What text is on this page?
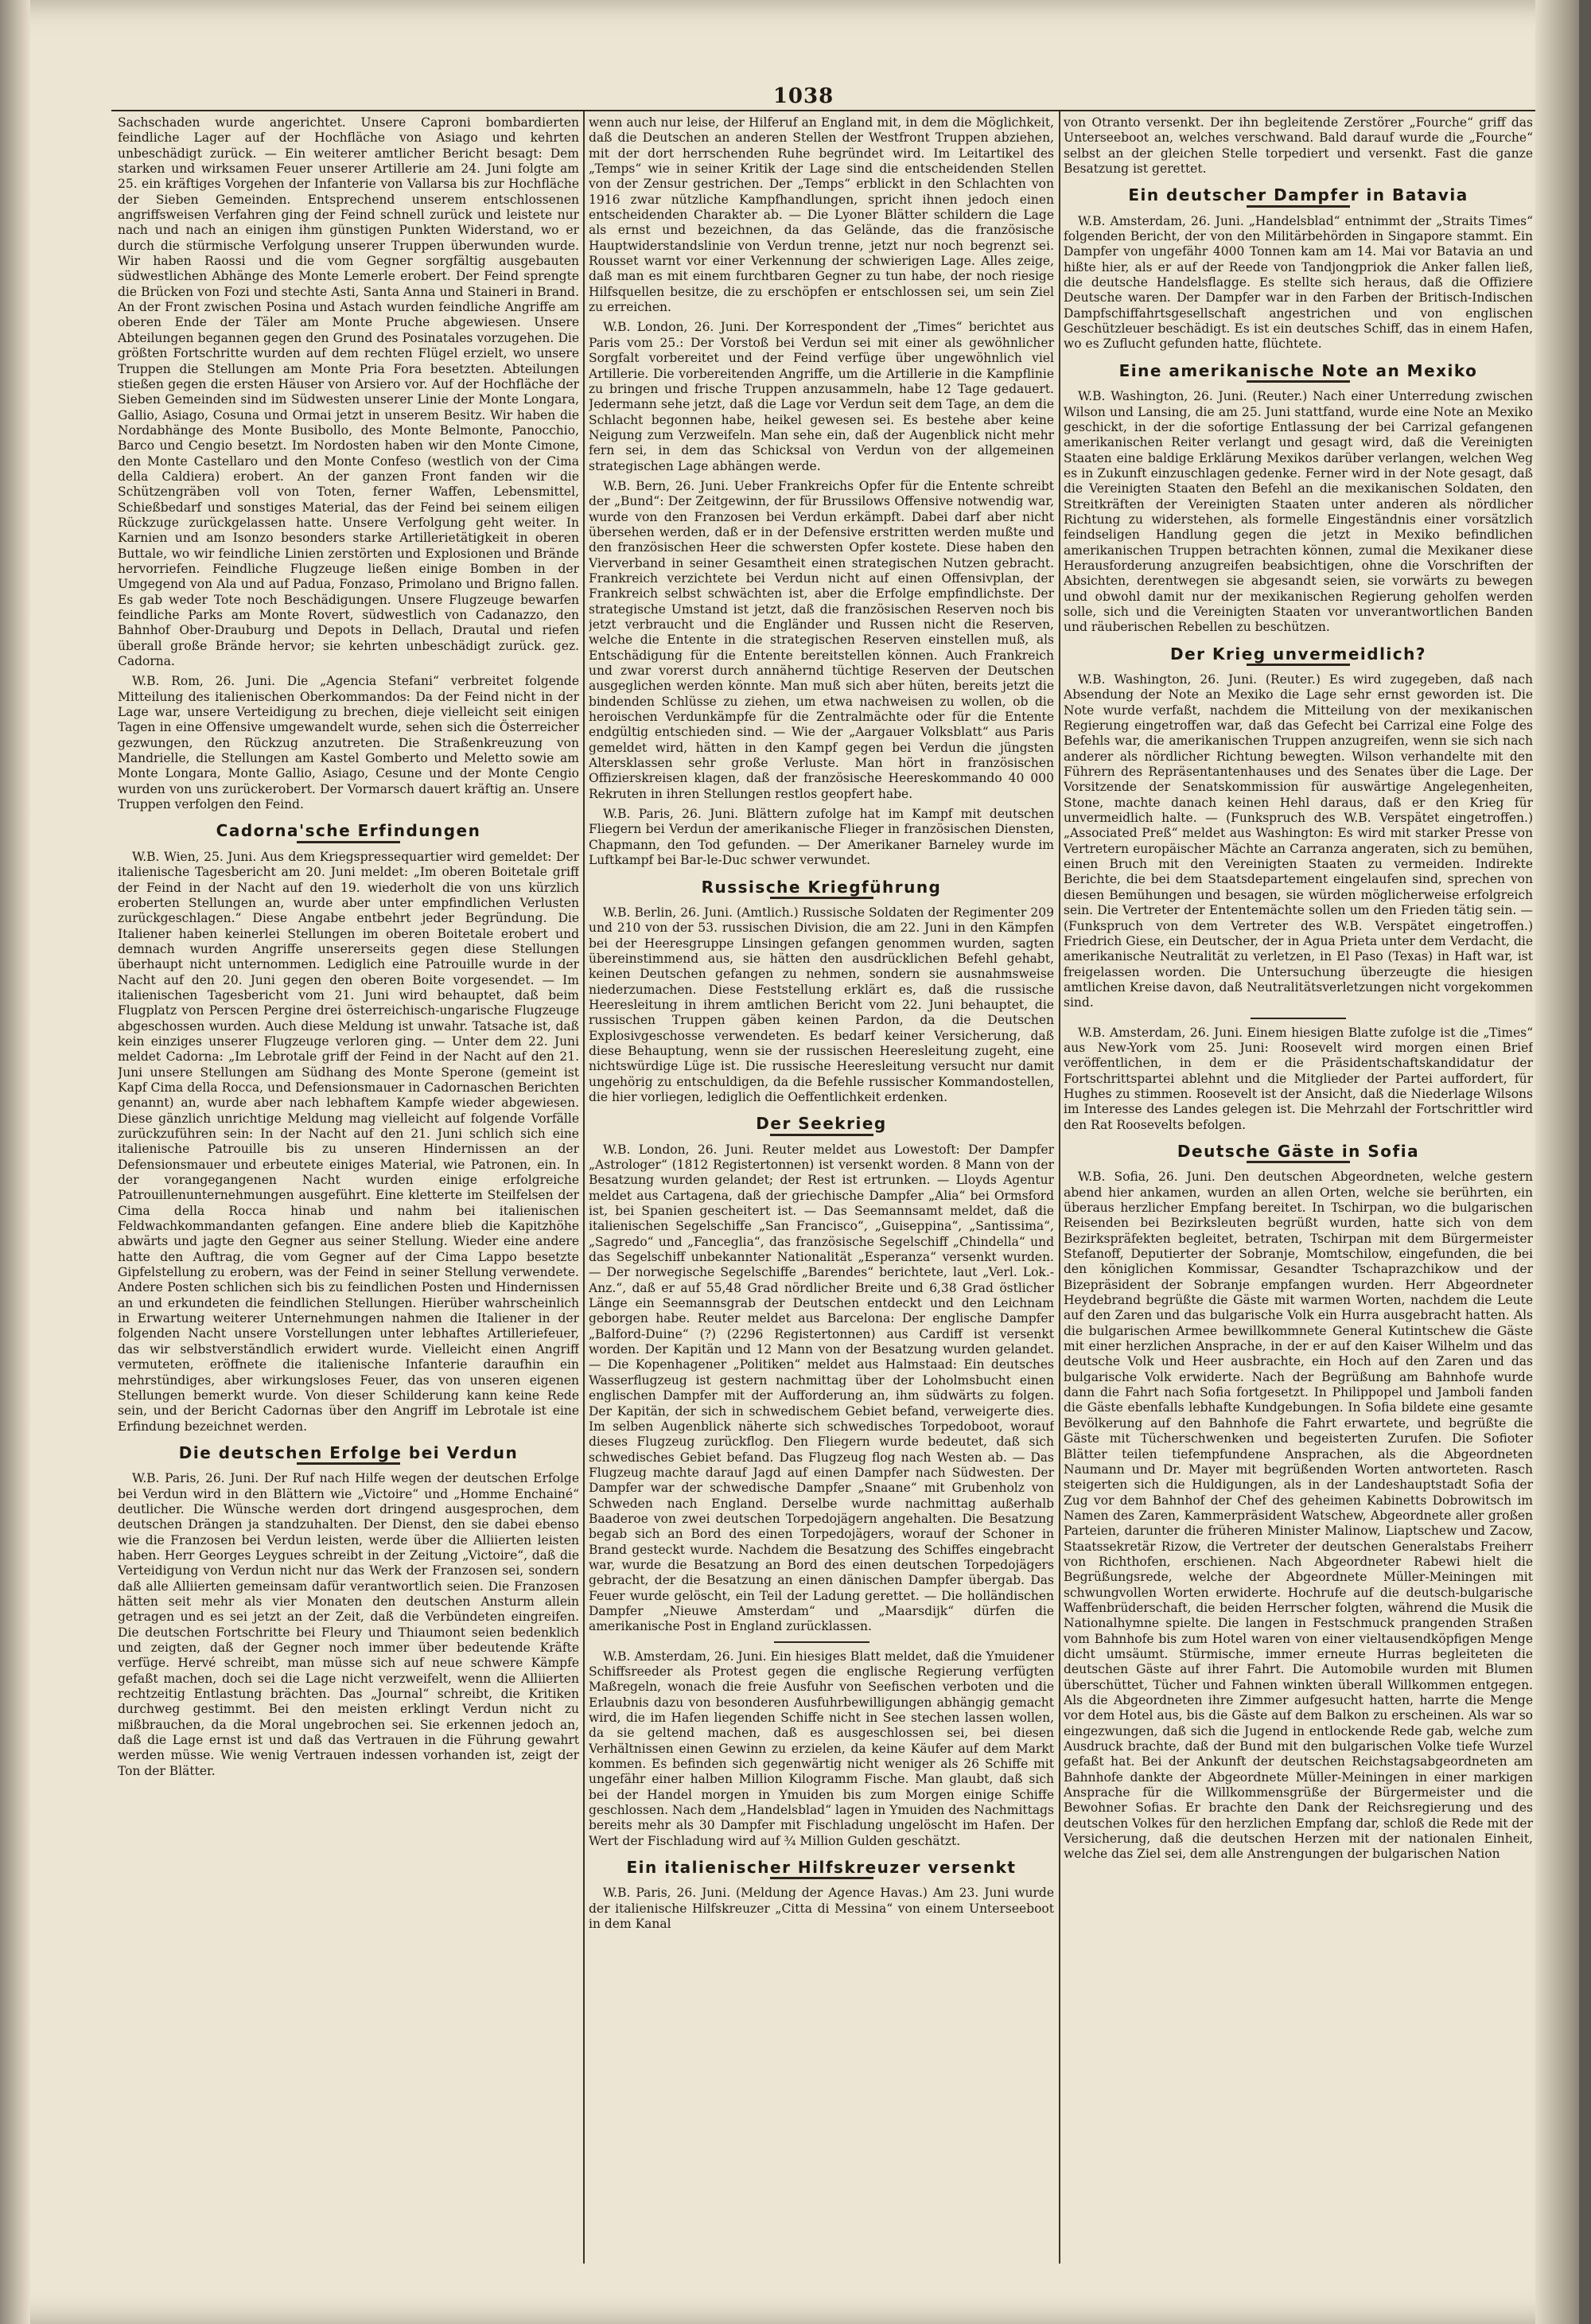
1038

Sachschaden wurde angerichtet. Unsere Caproni bombardierten feindliche Lager auf der Hochfläche von Asiago und kehrten unbeschädigt zurück. — Ein weiterer amtlicher Bericht besagt: Dem starken und wirksamen Feuer unserer Artillerie am 24. Juni folgte am 25. ein kräftiges Vorgehen der Infanterie von Vallarsa bis zur Hochfläche der Sieben Gemeinden. Entsprechend unserem entschlossenen angriffsweisen Verfahren ging der Feind schnell zurück und leistete nur nach und nach an einigen ihm günstigen Punkten Widerstand, wo er durch die stürmische Verfolgung unserer Truppen überwunden wurde. Wir haben Raossi und die vom Gegner sorgfältig ausgebauten südwestlichen Abhänge des Monte Lemerle erobert. Der Feind sprengte die Brücken von Fozi und stechte Asti, Santa Anna und Staineri in Brand. An der Front zwischen Posina und Astach wurden feindliche Angriffe am oberen Ende der Täler am Monte Pruche abgewiesen. Unsere Abteilungen begannen gegen den Grund des Posinatales vorzugehen. Die größten Fortschritte wurden auf dem rechten Flügel erzielt, wo unsere Truppen die Stellungen am Monte Pria Fora besetzten. Abteilungen stießen gegen die ersten Häuser von Arsiero vor. Auf der Hochfläche der Sieben Gemeinden sind im Südwesten unserer Linie der Monte Longara, Gallio, Asiago, Cosuna und Ormai jetzt in unserem Besitz. Wir haben die Nordabhänge des Monte Busibollo, des Monte Belmonte, Panocchio, Barco und Cengio besetzt. Im Nordosten haben wir den Monte Cimone, den Monte Castellaro und den Monte Confeso (westlich von der Cima della Caldiera) erobert. An der ganzen Front fanden wir die Schützengräben voll von Toten, ferner Waffen, Lebensmittel, Schießbedarf und sonstiges Material, das der Feind bei seinem eiligen Rückzuge zurückgelassen hatte. Unsere Verfolgung geht weiter. In Karnien und am Isonzo besonders starke Artillerietätigkeit in oberen Buttale, wo wir feindliche Linien zerstörten und Explosionen und Brände hervorriefen. Feindliche Flugzeuge ließen einige Bomben in der Umgegend von Ala und auf Padua, Fonzaso, Primolano und Brigno fallen. Es gab weder Tote noch Beschädigungen. Unsere Flugzeuge bewarfen feindliche Parks am Monte Rovert, südwestlich von Cadanazzo, den Bahnhof Ober-Drauburg und Depots in Dellach, Drautal und riefen überall große Brände hervor; sie kehrten unbeschädigt zurück. gez. Cadorna.

W.B. Rom, 26. Juni. Die „Agencia Stefani“ verbreitet folgende Mitteilung des italienischen Oberkommandos: Da der Feind nicht in der Lage war, unsere Verteidigung zu brechen, dieje vielleicht seit einigen Tagen in eine Offensive umgewandelt wurde, sehen sich die Österreicher gezwungen, den Rückzug anzutreten. Die Straßenkreuzung von Mandrielle, die Stellungen am Kastel Gomberto und Meletto sowie am Monte Longara, Monte Gallio, Asiago, Cesune und der Monte Cengio wurden von uns zurückerobert. Der Vormarsch dauert kräftig an. Unsere Truppen verfolgen den Feind.

Cadorna'sche Erfindungen

W.B. Wien, 25. Juni. Aus dem Kriegspressequartier wird gemeldet: Der italienische Tagesbericht am 20. Juni meldet: „Im oberen Boitetale griff der Feind in der Nacht auf den 19. wiederholt die von uns kürzlich eroberten Stellungen an, wurde aber unter empfindlichen Verlusten zurückgeschlagen.“ Diese Angabe entbehrt jeder Begründung. Die Italiener haben keinerlei Stellungen im oberen Boitetale erobert und demnach wurden Angriffe unsererseits gegen diese Stellungen überhaupt nicht unternommen. Lediglich eine Patrouille wurde in der Nacht auf den 20. Juni gegen den oberen Boite vorgesendet. — Im italienischen Tagesbericht vom 21. Juni wird behauptet, daß beim Flugplatz von Perscen Pergine drei österreichisch-ungarische Flugzeuge abgeschossen wurden. Auch diese Meldung ist unwahr. Tatsache ist, daß kein einziges unserer Flugzeuge verloren ging. — Unter dem 22. Juni meldet Cadorna: „Im Lebrotale griff der Feind in der Nacht auf den 21. Juni unsere Stellungen am Südhang des Monte Sperone (gemeint ist Kapf Cima della Rocca, und Defensionsmauer in Cadornaschen Berichten genannt) an, wurde aber nach lebhaftem Kampfe wieder abgewiesen. Diese gänzlich unrichtige Meldung mag vielleicht auf folgende Vorfälle zurückzuführen sein: In der Nacht auf den 21. Juni schlich sich eine italienische Patrouille bis zu unseren Hindernissen an der Defensionsmauer und erbeutete einiges Material, wie Patronen, ein. In der vorangegangenen Nacht wurden einige erfolgreiche Patrouillenunternehmungen ausgeführt. Eine kletterte im Steilfelsen der Cima della Rocca hinab und nahm bei italienischen Feldwachkommandanten gefangen. Eine andere blieb die Kapitzhöhe abwärts und jagte den Gegner aus seiner Stellung. Wieder eine andere hatte den Auftrag, die vom Gegner auf der Cima Lappo besetzte Gipfelstellung zu erobern, was der Feind in seiner Stellung verwendete. Andere Posten schlichen sich bis zu feindlichen Posten und Hindernissen an und erkundeten die feindlichen Stellungen. Hierüber wahrscheinlich in Erwartung weiterer Unternehmungen nahmen die Italiener in der folgenden Nacht unsere Vorstellungen unter lebhaftes Artilleriefeuer, das wir selbstverständlich erwidert wurde. Vielleicht einen Angriff vermuteten, eröffnete die italienische Infanterie daraufhin ein mehrstündiges, aber wirkungsloses Feuer, das von unseren eigenen Stellungen bemerkt wurde. Von dieser Schilderung kann keine Rede sein, und der Bericht Cadornas über den Angriff im Lebrotale ist eine Erfindung bezeichnet werden.

Die deutschen Erfolge bei Verdun

W.B. Paris, 26. Juni. Der Ruf nach Hilfe wegen der deutschen Erfolge bei Verdun wird in den Blättern wie „Victoire“ und „Homme Enchainé“ deutlicher. Die Wünsche werden dort dringend ausgesprochen, dem deutschen Drängen ja standzuhalten. Der Dienst, den sie dabei ebenso wie die Franzosen bei Verdun leisten, werde über die Alliierten leisten haben. Herr Georges Leygues schreibt in der Zeitung „Victoire“, daß die Verteidigung von Verdun nicht nur das Werk der Franzosen sei, sondern daß alle Alliierten gemeinsam dafür verantwortlich seien. Die Franzosen hätten seit mehr als vier Monaten den deutschen Ansturm allein getragen und es sei jetzt an der Zeit, daß die Verbündeten eingreifen. Die deutschen Fortschritte bei Fleury und Thiaumont seien bedenklich und zeigten, daß der Gegner noch immer über bedeutende Kräfte verfüge. Hervé schreibt, man müsse sich auf neue schwere Kämpfe gefaßt machen, doch sei die Lage nicht verzweifelt, wenn die Alliierten rechtzeitig Entlastung brächten. Das „Journal“ schreibt, die Kritiken durchweg gestimmt. Bei den meisten erklingt Verdun nicht zu mißbrauchen, da die Moral ungebrochen sei. Sie erkennen jedoch an, daß die Lage ernst ist und daß das Vertrauen in die Führung gewahrt werden müsse. Wie wenig Vertrauen indessen vorhanden ist, zeigt der Ton der Blätter.

wenn auch nur leise, der Hilferuf an England mit, in dem die Möglichkeit, daß die Deutschen an anderen Stellen der Westfront Truppen abziehen, mit der dort herrschenden Ruhe begründet wird. Im Leitartikel des „Temps“ wie in seiner Kritik der Lage sind die entscheidenden Stellen von der Zensur gestrichen. Der „Temps“ erblickt in den Schlachten von 1916 zwar nützliche Kampfhandlungen, spricht ihnen jedoch einen entscheidenden Charakter ab. — Die Lyoner Blätter schildern die Lage als ernst und bezeichnen, da das Gelände, das die französische Hauptwiderstandslinie von Verdun trenne, jetzt nur noch begrenzt sei. Rousset warnt vor einer Verkennung der schwierigen Lage. Alles zeige, daß man es mit einem furchtbaren Gegner zu tun habe, der noch riesige Hilfsquellen besitze, die zu erschöpfen er entschlossen sei, um sein Ziel zu erreichen.

W.B. London, 26. Juni. Der Korrespondent der „Times“ berichtet aus Paris vom 25.: Der Vorstoß bei Verdun sei mit einer als gewöhnlicher Sorgfalt vorbereitet und der Feind verfüge über ungewöhnlich viel Artillerie. Die vorbereitenden Angriffe, um die Artillerie in die Kampflinie zu bringen und frische Truppen anzusammeln, habe 12 Tage gedauert. Jedermann sehe jetzt, daß die Lage vor Verdun seit dem Tage, an dem die Schlacht begonnen habe, heikel gewesen sei. Es bestehe aber keine Neigung zum Verzweifeln. Man sehe ein, daß der Augenblick nicht mehr fern sei, in dem das Schicksal von Verdun von der allgemeinen strategischen Lage abhängen werde.

W.B. Bern, 26. Juni. Ueber Frankreichs Opfer für die Entente schreibt der „Bund“: Der Zeitgewinn, der für Brussilows Offensive notwendig war, wurde von den Franzosen bei Verdun erkämpft. Dabei darf aber nicht übersehen werden, daß er in der Defensive erstritten werden mußte und den französischen Heer die schwersten Opfer kostete. Diese haben den Vierverband in seiner Gesamtheit einen strategischen Nutzen gebracht. Frankreich verzichtete bei Verdun nicht auf einen Offensivplan, der Frankreich selbst schwächten ist, aber die Erfolge empfindlichste. Der strategische Umstand ist jetzt, daß die französischen Reserven noch bis jetzt verbraucht und die Engländer und Russen nicht die Reserven, welche die Entente in die strategischen Reserven einstellen muß, als Entschädigung für die Entente bereitstellen können. Auch Frankreich und zwar vorerst durch annähernd tüchtige Reserven der Deutschen ausgeglichen werden könnte. Man muß sich aber hüten, bereits jetzt die bindenden Schlüsse zu ziehen, um etwa nachweisen zu wollen, ob die heroischen Verdunkämpfe für die Zentralmächte oder für die Entente endgültig entschieden sind. — Wie der „Aargauer Volksblatt“ aus Paris gemeldet wird, hätten in den Kampf gegen bei Verdun die jüngsten Altersklassen sehr große Verluste. Man hört in französischen Offizierskreisen klagen, daß der französische Heereskommando 40 000 Rekruten in ihren Stellungen restlos geopfert habe.

W.B. Paris, 26. Juni. Blättern zufolge hat im Kampf mit deutschen Fliegern bei Verdun der amerikanische Flieger in französischen Diensten, Chapmann, den Tod gefunden. — Der Amerikaner Barneley wurde im Luftkampf bei Bar-le-Duc schwer verwundet.

Russische Kriegführung

W.B. Berlin, 26. Juni. (Amtlich.) Russische Soldaten der Regimenter 209 und 210 von der 53. russischen Division, die am 22. Juni in den Kämpfen bei der Heeresgruppe Linsingen gefangen genommen wurden, sagten übereinstimmend aus, sie hätten den ausdrücklichen Befehl gehabt, keinen Deutschen gefangen zu nehmen, sondern sie ausnahmsweise niederzumachen. Diese Feststellung erklärt es, daß die russische Heeresleitung in ihrem amtlichen Bericht vom 22. Juni behauptet, die russischen Truppen gäben keinen Pardon, da die Deutschen Explosivgeschosse verwendeten. Es bedarf keiner Versicherung, daß diese Behauptung, wenn sie der russischen Heeresleitung zugeht, eine nichtswürdige Lüge ist. Die russische Heeresleitung versucht nur damit ungehörig zu entschuldigen, da die Befehle russischer Kommandostellen, die hier vorliegen, lediglich die Oeffentlichkeit erdenken.

Der Seekrieg

W.B. London, 26. Juni. Reuter meldet aus Lowestoft: Der Dampfer „Astrologer“ (1812 Registertonnen) ist versenkt worden. 8 Mann von der Besatzung wurden gelandet; der Rest ist ertrunken. — Lloyds Agentur meldet aus Cartagena, daß der griechische Dampfer „Alia“ bei Ormsford ist, bei Spanien gescheitert ist. — Das Seemannsamt meldet, daß die italienischen Segelschiffe „San Francisco“, „Guiseppina“, „Santissima“, „Sagredo“ und „Fanceglia“, das französische Segelschiff „Chindella“ und das Segelschiff unbekannter Nationalität „Esperanza“ versenkt wurden. — Der norwegische Segelschiffe „Barendes“ berichtete, laut „Verl. Lok.-Anz.“, daß er auf 55,48 Grad nördlicher Breite und 6,38 Grad östlicher Länge ein Seemannsgrab der Deutschen entdeckt und den Leichnam geborgen habe. Reuter meldet aus Barcelona: Der englische Dampfer „Balford-Duine“ (?) (2296 Registertonnen) aus Cardiff ist versenkt worden. Der Kapitän und 12 Mann von der Besatzung wurden gelandet. — Die Kopenhagener „Politiken“ meldet aus Halmstaad: Ein deutsches Wasserflugzeug ist gestern nachmittag über der Loholmsbucht einen englischen Dampfer mit der Aufforderung an, ihm südwärts zu folgen. Der Kapitän, der sich in schwedischem Gebiet befand, verweigerte dies. Im selben Augenblick näherte sich schwedisches Torpedoboot, worauf dieses Flugzeug zurückflog. Den Fliegern wurde bedeutet, daß sich schwedisches Gebiet befand. Das Flugzeug flog nach Westen ab. — Das Flugzeug machte darauf Jagd auf einen Dampfer nach Südwesten. Der Dampfer war der schwedische Dampfer „Snaane“ mit Grubenholz von Schweden nach England. Derselbe wurde nachmittag außerhalb Baaderoe von zwei deutschen Torpedojägern angehalten. Die Besatzung begab sich an Bord des einen Torpedojägers, worauf der Schoner in Brand gesteckt wurde. Nachdem die Besatzung des Schiffes eingebracht war, wurde die Besatzung an Bord des einen deutschen Torpedojägers gebracht, der die Besatzung an einen dänischen Dampfer übergab. Das Feuer wurde gelöscht, ein Teil der Ladung gerettet. — Die holländischen Dampfer „Nieuwe Amsterdam“ und „Maarsdijk“ dürfen die amerikanische Post in England zurücklassen.

W.B. Amsterdam, 26. Juni. Ein hiesiges Blatt meldet, daß die Ymuidener Schiffsreeder als Protest gegen die englische Regierung verfügten Maßregeln, wonach die freie Ausfuhr von Seefischen verboten und die Erlaubnis dazu von besonderen Ausfuhrbewilligungen abhängig gemacht wird, die im Hafen liegenden Schiffe nicht in See stechen lassen wollen, da sie geltend machen, daß es ausgeschlossen sei, bei diesen Verhältnissen einen Gewinn zu erzielen, da keine Käufer auf dem Markt kommen. Es befinden sich gegenwärtig nicht weniger als 26 Schiffe mit ungefähr einer halben Million Kilogramm Fische. Man glaubt, daß sich bei der Handel morgen in Ymuiden bis zum Morgen einige Schiffe geschlossen. Nach dem „Handelsblad“ lagen in Ymuiden des Nachmittags bereits mehr als 30 Dampfer mit Fischladung ungelöscht im Hafen. Der Wert der Fischladung wird auf ¾ Million Gulden geschätzt.

Ein italienischer Hilfskreuzer versenkt

W.B. Paris, 26. Juni. (Meldung der Agence Havas.) Am 23. Juni wurde der italienische Hilfskreuzer „Citta di Messina“ von einem Unterseeboot in dem Kanal

von Otranto versenkt. Der ihn begleitende Zerstörer „Fourche“ griff das Unterseeboot an, welches verschwand. Bald darauf wurde die „Fourche“ selbst an der gleichen Stelle torpediert und versenkt. Fast die ganze Besatzung ist gerettet.

Ein deutscher Dampfer in Batavia

W.B. Amsterdam, 26. Juni. „Handelsblad“ entnimmt der „Straits Times“ folgenden Bericht, der von den Militärbehörden in Singapore stammt. Ein Dampfer von ungefähr 4000 Tonnen kam am 14. Mai vor Batavia an und hißte hier, als er auf der Reede von Tandjongpriok die Anker fallen ließ, die deutsche Handelsflagge. Es stellte sich heraus, daß die Offiziere Deutsche waren. Der Dampfer war in den Farben der Britisch-Indischen Dampfschiffahrtsgesellschaft angestrichen und von englischen Geschützleuer beschädigt. Es ist ein deutsches Schiff, das in einem Hafen, wo es Zuflucht gefunden hatte, flüchtete.

Eine amerikanische Note an Mexiko

W.B. Washington, 26. Juni. (Reuter.) Nach einer Unterredung zwischen Wilson und Lansing, die am 25. Juni stattfand, wurde eine Note an Mexiko geschickt, in der die sofortige Entlassung der bei Carrizal gefangenen amerikanischen Reiter verlangt und gesagt wird, daß die Vereinigten Staaten eine baldige Erklärung Mexikos darüber verlangen, welchen Weg es in Zukunft einzuschlagen gedenke. Ferner wird in der Note gesagt, daß die Vereinigten Staaten den Befehl an die mexikanischen Soldaten, den Streitkräften der Vereinigten Staaten unter anderen als nördlicher Richtung zu widerstehen, als formelle Eingeständnis einer vorsätzlich feindseligen Handlung gegen die jetzt in Mexiko befindlichen amerikanischen Truppen betrachten können, zumal die Mexikaner diese Herausforderung anzugreifen beabsichtigen, ohne die Vorschriften der Absichten, derentwegen sie abgesandt seien, sie vorwärts zu bewegen und obwohl damit nur der mexikanischen Regierung geholfen werden solle, sich und die Vereinigten Staaten vor unverantwortlichen Banden und räuberischen Rebellen zu beschützen.

Der Krieg unvermeidlich?

W.B. Washington, 26. Juni. (Reuter.) Es wird zugegeben, daß nach Absendung der Note an Mexiko die Lage sehr ernst geworden ist. Die Note wurde verfaßt, nachdem die Mitteilung von der mexikanischen Regierung eingetroffen war, daß das Gefecht bei Carrizal eine Folge des Befehls war, die amerikanischen Truppen anzugreifen, wenn sie sich nach anderer als nördlicher Richtung bewegten. Wilson verhandelte mit den Führern des Repräsentantenhauses und des Senates über die Lage. Der Vorsitzende der Senatskommission für auswärtige Angelegenheiten, Stone, machte danach keinen Hehl daraus, daß er den Krieg für unvermeidlich halte. — (Funkspruch des W.B. Verspätet eingetroffen.) „Associated Preß“ meldet aus Washington: Es wird mit starker Presse von Vertretern europäischer Mächte an Carranza angeraten, sich zu bemühen, einen Bruch mit den Vereinigten Staaten zu vermeiden. Indirekte Berichte, die bei dem Staatsdepartement eingelaufen sind, sprechen von diesen Bemühungen und besagen, sie würden möglicherweise erfolgreich sein. Die Vertreter der Ententemächte sollen um den Frieden tätig sein. — (Funkspruch von dem Vertreter des W.B. Verspätet eingetroffen.) Friedrich Giese, ein Deutscher, der in Agua Prieta unter dem Verdacht, die amerikanische Neutralität zu verletzen, in El Paso (Texas) in Haft war, ist freigelassen worden. Die Untersuchung überzeugte die hiesigen amtlichen Kreise davon, daß Neutralitätsverletzungen nicht vorgekommen sind.

W.B. Amsterdam, 26. Juni. Einem hiesigen Blatte zufolge ist die „Times“ aus New-York vom 25. Juni: Roosevelt wird morgen einen Brief veröffentlichen, in dem er die Präsidentschaftskandidatur der Fortschrittspartei ablehnt und die Mitglieder der Partei auffordert, für Hughes zu stimmen. Roosevelt ist der Ansicht, daß die Niederlage Wilsons im Interesse des Landes gelegen ist. Die Mehrzahl der Fortschrittler wird den Rat Roosevelts befolgen.

Deutsche Gäste in Sofia

W.B. Sofia, 26. Juni. Den deutschen Abgeordneten, welche gestern abend hier ankamen, wurden an allen Orten, welche sie berührten, ein überaus herzlicher Empfang bereitet. In Tschirpan, wo die bulgarischen Reisenden bei Bezirksleuten begrüßt wurden, hatte sich von dem Bezirkspräfekten begleitet, betraten, Tschirpan mit dem Bürgermeister Stefanoff, Deputierter der Sobranje, Momtschilow, eingefunden, die bei den königlichen Kommissar, Gesandter Tschaprazchikow und der Bizepräsident der Sobranje empfangen wurden. Herr Abgeordneter Heydebrand begrüßte die Gäste mit warmen Worten, nachdem die Leute auf den Zaren und das bulgarische Volk ein Hurra ausgebracht hatten. Als die bulgarischen Armee bewillkommnete General Kutintschew die Gäste mit einer herzlichen Ansprache, in der er auf den Kaiser Wilhelm und das deutsche Volk und Heer ausbrachte, ein Hoch auf den Zaren und das bulgarische Volk erwiderte. Nach der Begrüßung am Bahnhofe wurde dann die Fahrt nach Sofia fortgesetzt. In Philippopel und Jamboli fanden die Gäste ebenfalls lebhafte Kundgebungen. In Sofia bildete eine gesamte Bevölkerung auf den Bahnhofe die Fahrt erwartete, und begrüßte die Gäste mit Tücherschwenken und begeisterten Zurufen. Die Sofioter Blätter teilen tiefempfundene Ansprachen, als die Abgeordneten Naumann und Dr. Mayer mit begrüßenden Worten antworteten. Rasch steigerten sich die Huldigungen, als in der Landeshauptstadt Sofia der Zug vor dem Bahnhof der Chef des geheimen Kabinetts Dobrowitsch im Namen des Zaren, Kammerpräsident Watschew, Abgeordnete aller großen Parteien, darunter die früheren Minister Malinow, Liaptschew und Zacow, Staatssekretär Rizow, die Vertreter der deutschen Generalstabs Freiherr von Richthofen, erschienen. Nach Abgeordneter Rabewi hielt die Begrüßungsrede, welche der Abgeordnete Müller-Meiningen mit schwungvollen Worten erwiderte. Hochrufe auf die deutsch-bulgarische Waffenbrüderschaft, die beiden Herrscher folgten, während die Musik die Nationalhymne spielte. Die langen in Festschmuck prangenden Straßen vom Bahnhofe bis zum Hotel waren von einer vieltausendköpfigen Menge dicht umsäumt. Stürmische, immer erneute Hurras begleiteten die deutschen Gäste auf ihrer Fahrt. Die Automobile wurden mit Blumen überschüttet, Tücher und Fahnen winkten überall Willkommen entgegen. Als die Abgeordneten ihre Zimmer aufgesucht hatten, harrte die Menge vor dem Hotel aus, bis die Gäste auf dem Balkon zu erscheinen. Als war so eingezwungen, daß sich die Jugend in entlockende Rede gab, welche zum Ausdruck brachte, daß der Bund mit den bulgarischen Volke tiefe Wurzel gefaßt hat. Bei der Ankunft der deutschen Reichstagsabgeordneten am Bahnhofe dankte der Abgeordnete Müller-Meiningen in einer markigen Ansprache für die Willkommensgrüße der Bürgermeister und die Bewohner Sofias. Er brachte den Dank der Reichsregierung und des deutschen Volkes für den herzlichen Empfang dar, schloß die Rede mit der Versicherung, daß die deutschen Herzen mit der nationalen Einheit, welche das Ziel sei, dem alle Anstrengungen der bulgarischen Nation
